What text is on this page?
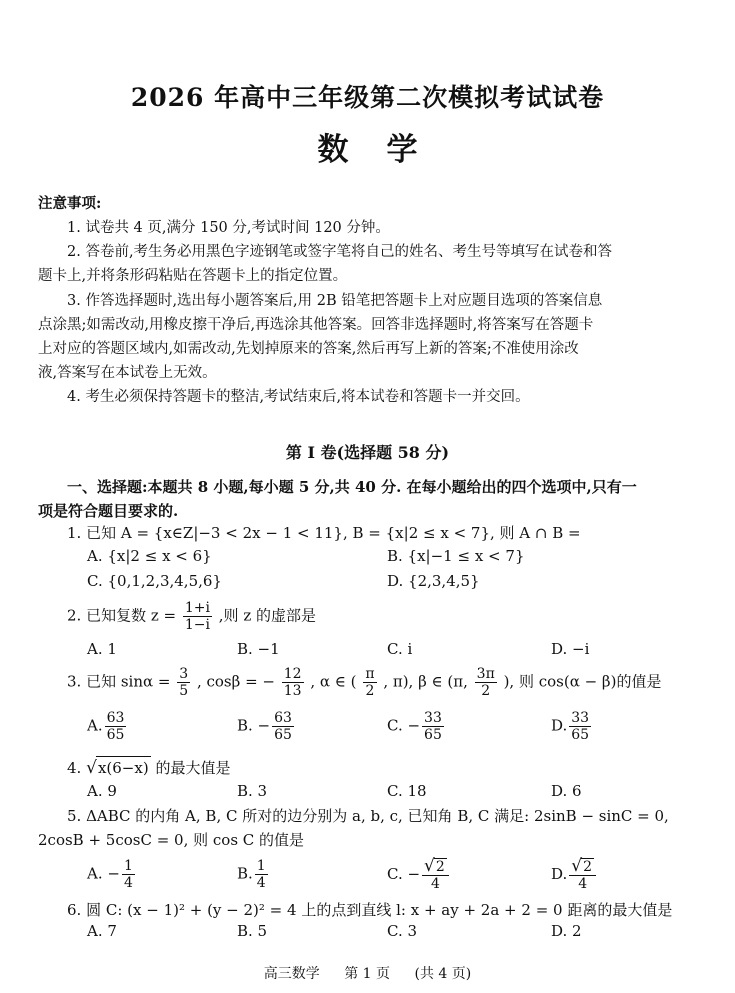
2026 年高中三年级第二次模拟考试试卷
数学
注意事项:
1. 试卷共 4 页,满分 150 分,考试时间 120 分钟。
2. 答卷前,考生务必用黑色字迹钢笔或签字笔将自己的姓名、考生号等填写在试卷和答
题卡上,并将条形码粘贴在答题卡上的指定位置。
3. 作答选择题时,选出每小题答案后,用 2B 铅笔把答题卡上对应题目选项的答案信息
点涂黑;如需改动,用橡皮擦干净后,再选涂其他答案。回答非选择题时,将答案写在答题卡
上对应的答题区域内,如需改动,先划掉原来的答案,然后再写上新的答案;不准使用涂改
液,答案写在本试卷上无效。
4. 考生必须保持答题卡的整洁,考试结束后,将本试卷和答题卡一并交回。
第 I 卷(选择题 58 分)
一、选择题:本题共 8 小题,每小题 5 分,共 40 分. 在每小题给出的四个选项中,只有一
项是符合题目要求的.
1. 已知 A = {x∈Z|−3 < 2x − 1 < 11}, B = {x|2 ≤ x < 7}, 则 A ∩ B =
A. {x|2 ≤ x < 6}	B. {x|−1 ≤ x < 7}
C. {0,1,2,3,4,5,6}	D. {2,3,4,5}
2. 已知复数 $z = \frac{1+i}{1-i}$ ,则 z 的虚部是
A. 1	B. −1	C. i	D. −i
3. 已知 $\sin\alpha = \frac{3}{5}$ , cosβ = − $\frac{12}{13}$ , α ∈ ( $\frac{\pi}{2}$ , π), β ∈ (π, $\frac{3\pi}{2}$ ), 则 cos(α − β)的值是
A. $\frac{63}{65}$	B. − $\frac{63}{65}$	C. − $\frac{33}{65}$	D. $\frac{33}{65}$
4. √x(6−x) 的最大值是
A. 9	B. 3	C. 18	D. 6
5. ΔABC 的内角 A, B, C 所对的边分别为 a, b, c, 已知角 B, C 满足: 2sinB − sinC = 0,
2cosB + 5cosC = 0, 则 cos C 的值是
A. − $\frac{1}{4}$	B. $\frac{1}{4}$	C. − $\frac{√2}{4}$	D. $\frac{√2}{4}$
6. 圆 C: (x − 1)² + (y − 2)² = 4 上的点到直线 l: x + ay + 2a + 2 = 0 距离的最大值是
A. 7	B. 5	C. 3	D. 2
高三数学 第 1 页 (共 4 页)
